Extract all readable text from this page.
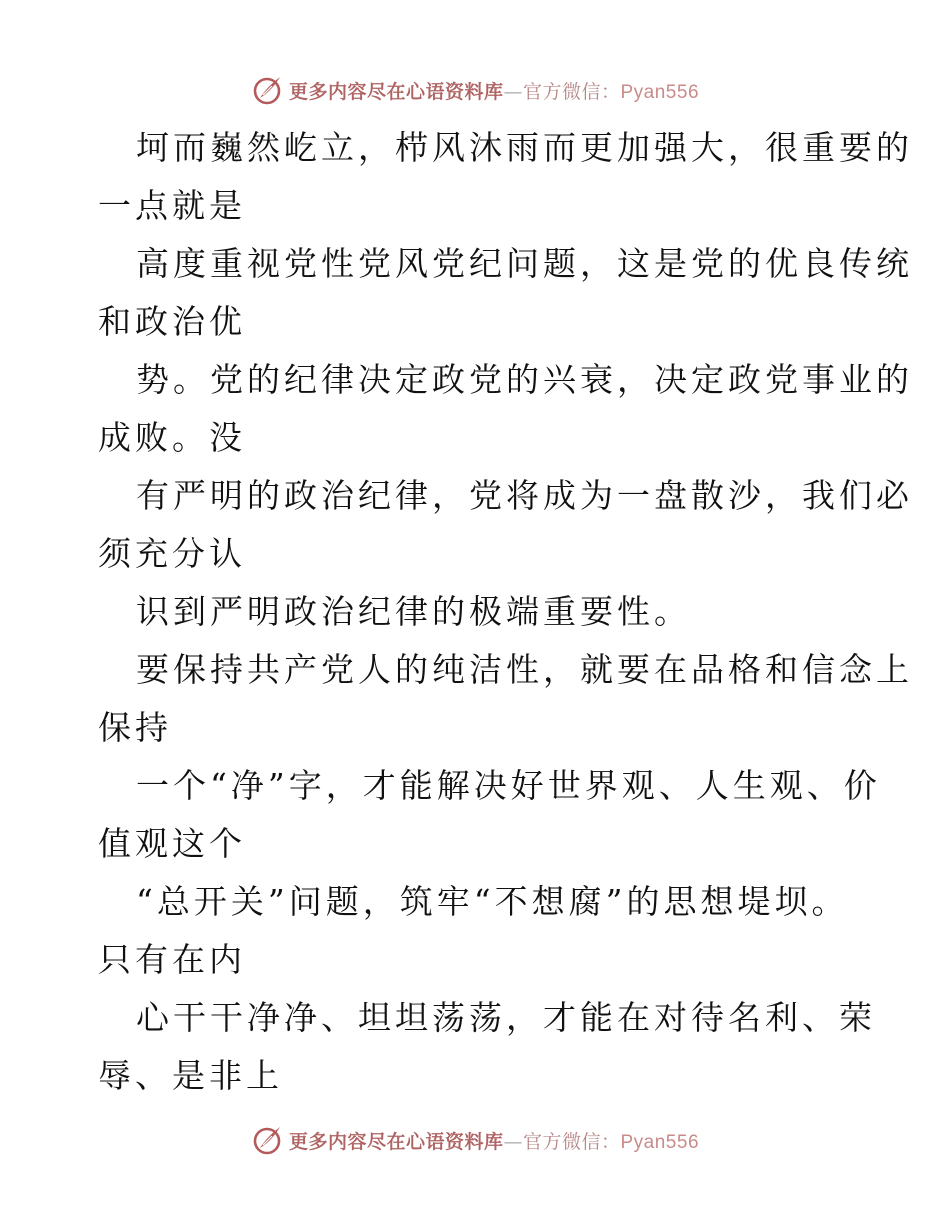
更多内容尽在心语资料库—官方微信：Pyan556
坷而巍然屹立，栉风沐雨而更加强大，很重要的
一点就是
高度重视党性党风党纪问题，这是党的优良传统
和政治优
势。党的纪律决定政党的兴衰，决定政党事业的
成败。没
有严明的政治纪律，党将成为一盘散沙，我们必
须充分认
识到严明政治纪律的极端重要性。
要保持共产党人的纯洁性，就要在品格和信念上
保持
一个“净”字，才能解决好世界观、人生观、价
值观这个
“总开关”问题，筑牢“不想腐”的思想堤坝。
只有在内
心干干净净、坦坦荡荡，才能在对待名利、荣
辱、是非上
更多内容尽在心语资料库—官方微信：Pyan556
